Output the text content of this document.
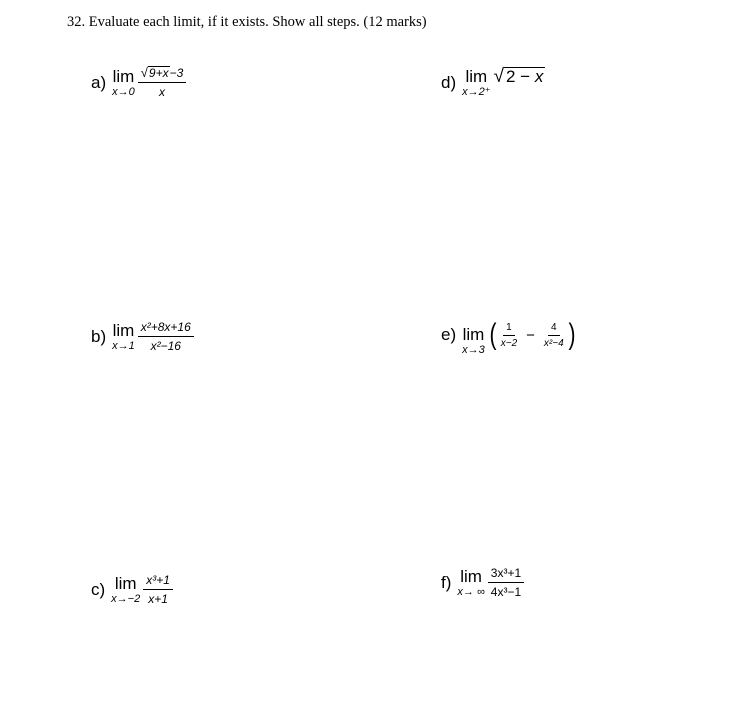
32. Evaluate each limit, if it exists. Show all steps. (12 marks)
a) lim
$x\to 0 \frac{√ 9+x -3}{x}$	d) lim
x→2⁺
√ 2 − x
b) lim
$x\to 1 \frac{\text{x²+8x+16}}{\text{x²−16}}$	e) lim
x→3 ( $\frac{1}{x-2} - \frac{4}{\text{x²−4}}$ )
c) lim
$x\to-2 \frac{\text{x³+1}}{x+1}$	f) lim
x→ ∞ $\frac{\text{3x³+1}}{\text{4x³−1}}$
